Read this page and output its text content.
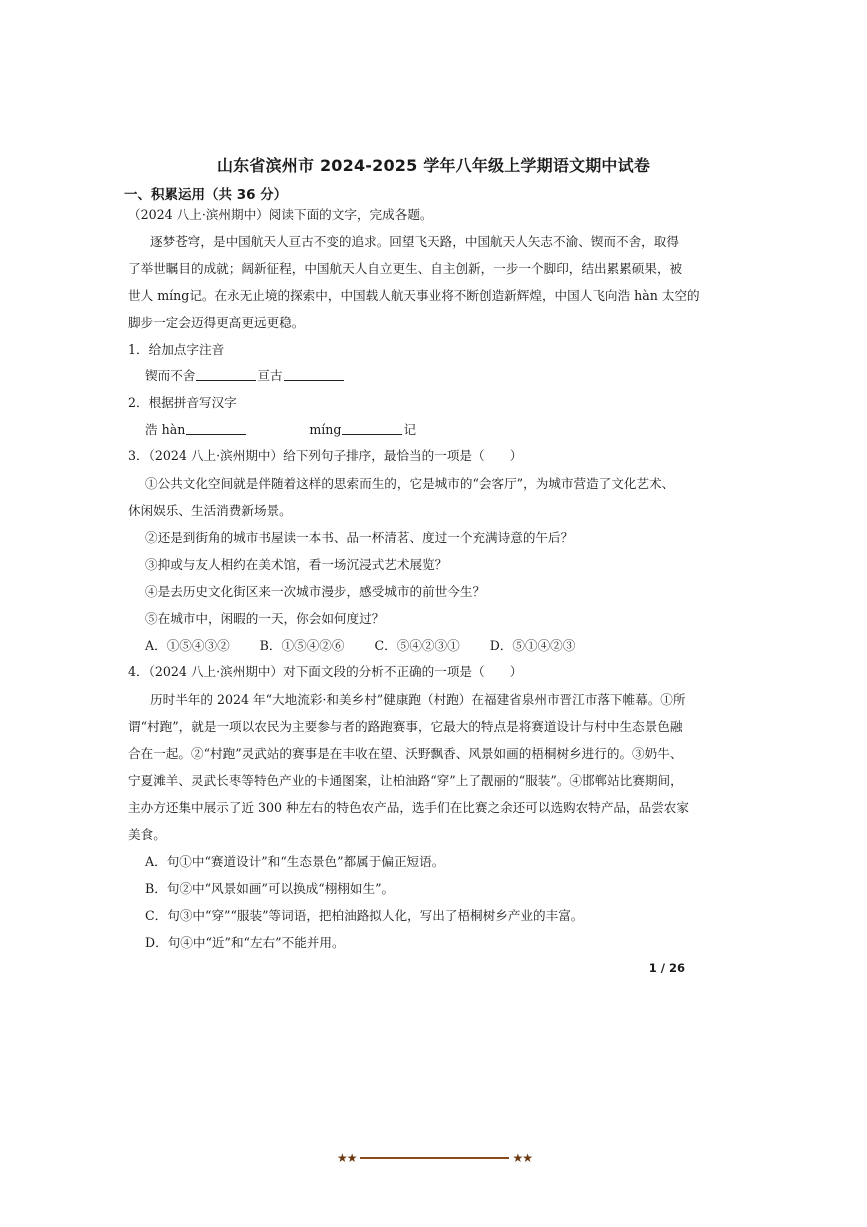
山东省滨州市 2024-2025 学年八年级上学期语文期中试卷
一、积累运用（共 36 分）
（2024 八上·滨州期中）阅读下面的文字，完成各题。
逐梦苍穹，是中国航天人亘古不变的追求。回望飞天路，中国航天人矢志不渝、锲而不舍，取得
了举世瞩目的成就；阔新征程，中国航天人自立更生、自主创新，一步一个脚印，结出累累硕果，被
世人 míng记。在永无止境的探索中，中国载人航天事业将不断创造新辉煌，中国人飞向浩 hàn 太空的
脚步一定会迈得更高更远更稳。
1．给加点字注音
锲而不舍	亘古
2．根据拼音写汉字
浩 hàn	míng	记
3．（2024 八上·滨州期中）给下列句子排序，最恰当的一项是（　　）
①公共文化空间就是伴随着这样的思索而生的，它是城市的“会客厅”，为城市营造了文化艺术、
休闲娱乐、生活消费新场景。
②还是到街角的城市书屋读一本书、品一杯清茗、度过一个充满诗意的午后？
③抑或与友人相约在美术馆，看一场沉浸式艺术展览？
④是去历史文化街区来一次城市漫步，感受城市的前世今生？
⑤在城市中，闲暇的一天，你会如何度过？
A．①⑤④③② B．①⑤④②⑥ C．⑤④②③① D．⑤①④②③
4．（2024 八上·滨州期中）对下面文段的分析不正确的一项是（　　）
历时半年的 2024 年“大地流彩·和美乡村”健康跑（村跑）在福建省泉州市晋江市落下帷幕。①所
谓“村跑”，就是一项以农民为主要参与者的路跑赛事，它最大的特点是将赛道设计与村中生态景色融
合在一起。②“村跑”灵武站的赛事是在丰收在望、沃野飘香、风景如画的梧桐树乡进行的。③奶牛、
宁夏滩羊、灵武长枣等特色产业的卡通图案，让柏油路“穿”上了靓丽的“服装”。④邯郸站比赛期间，
主办方还集中展示了近 300 种左右的特色农产品，选手们在比赛之余还可以选购农特产品，品尝农家
美食。
A．句①中“赛道设计”和“生态景色”都属于偏正短语。
B．句②中“风景如画”可以换成“栩栩如生”。
C．句③中“穿”“服装”等词语，把柏油路拟人化，写出了梧桐树乡产业的丰富。
D．句④中“近”和“左右”不能并用。
1 / 26
★★	★★
